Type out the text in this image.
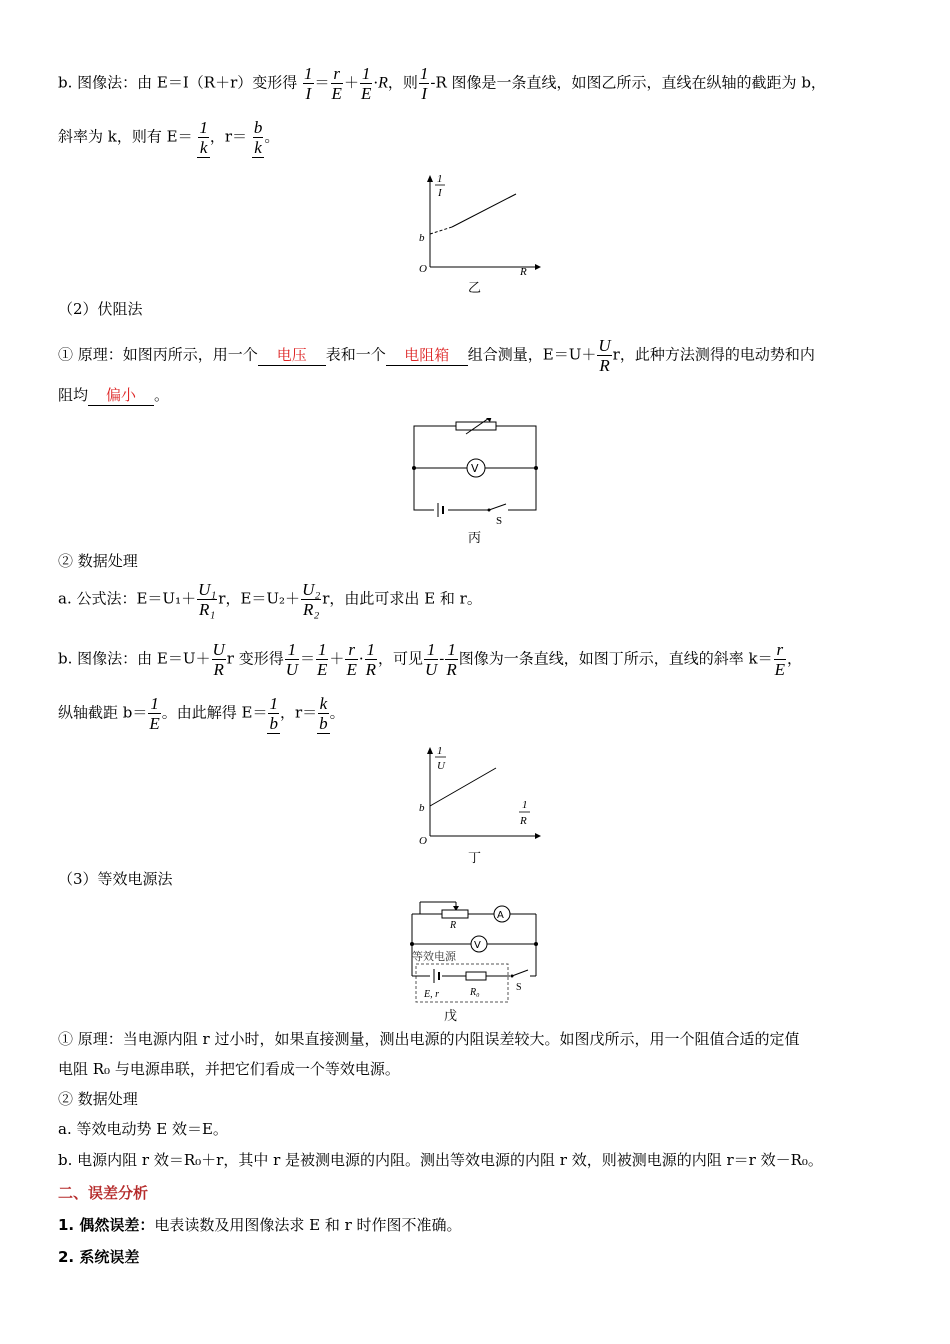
b. 图像法：由 E＝I（R＋r）变形得 $\frac{1}{I} = \frac{r}{E} + \frac{1}{E} \cdot R$，则 $\frac{1}{I} -R$ 图像是一条直线，如图乙所示，直线在纵轴的截距为 b，
斜率为 k，则有 $E= \frac{1}{k}$ ，$r= \frac{b}{k}$ 。
1
I
b
O	R
乙
（2）伏阻法
① 原理：如图丙所示，用一个 电压 表和一个 电阻箱 组合测量，$E=U+ \frac{U}{R}$ r，此种方法测得的电动势和内
阻均 偏小 。
V
S
丙
② 数据处理
a. 公式法：$E=U_1+ \frac{\text{U₁}}{\text{R₁}}$ r，$E=U_2+ \frac{\text{U₂}}{\text{R₂}}$ r，由此可求出 E 和 r。
b. 图像法：由 $E=U+ \frac{U}{R}$ r 变形得 $\frac{1}{U} = \frac{1}{E} + \frac{r}{E} \cdot \frac{1}{R}$ ，可见 $\frac{1}{U} - \frac{1}{R}$ 图像为一条直线，如图丁所示，直线的斜率 $k= \frac{r}{E}$ ，
纵轴截距 $b= \frac{1}{E}$ 。由此解得 $E= \frac{1}{b}$ ，$r= \frac{k}{b}$ 。
1
U
b
O
1
R
丁
（3）等效电源法
R
A
V
等效电源
E, r	R₀	S
戊
① 原理：当电源内阻 r 过小时，如果直接测量，测出电源的内阻误差较大。如图戊所示，用一个阻值合适的定值
电阻 R₀ 与电源串联，并把它们看成一个等效电源。
② 数据处理
a. 等效电动势 E 效＝E。
b. 电源内阻 r 效＝R₀＋r，其中 r 是被测电源的内阻。测出等效电源的内阻 r 效，则被测电源的内阻 r＝r 效－R₀。
二、误差分析
1. 偶然误差：电表读数及用图像法求 E 和 r 时作图不准确。
2. 系统误差
